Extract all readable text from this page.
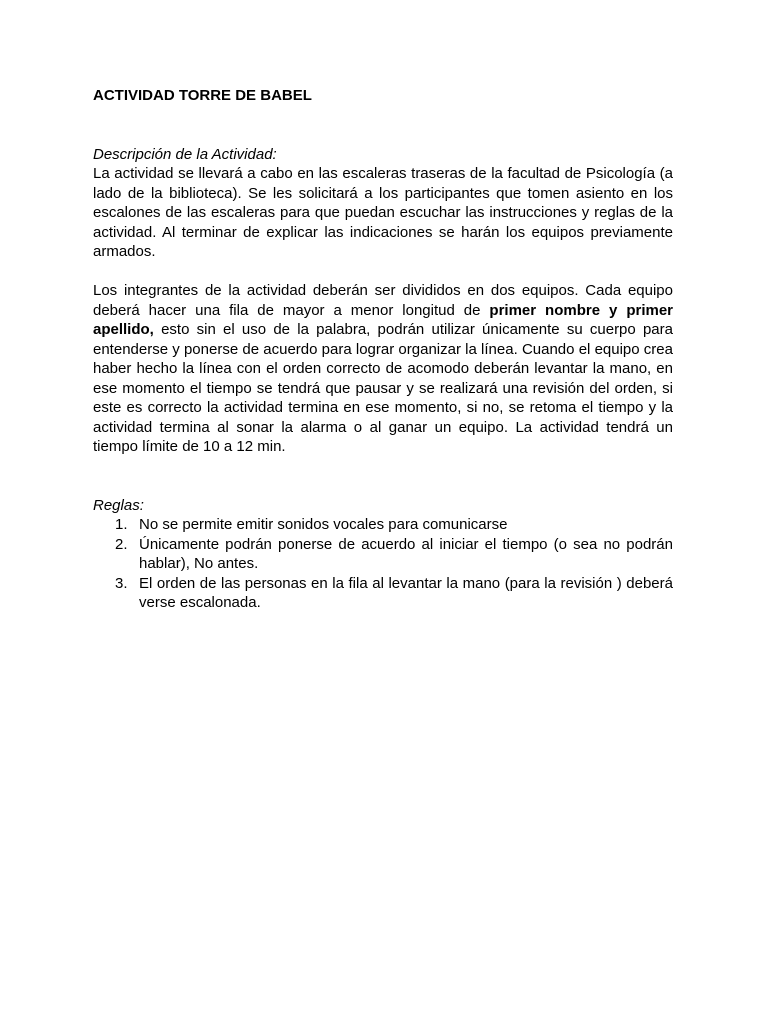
ACTIVIDAD TORRE DE BABEL

Descripción de la Actividad:

La actividad se llevará a cabo en las escaleras traseras de la facultad de Psicología (a lado de la biblioteca). Se les solicitará a los participantes que tomen asiento en los escalones de las escaleras para que puedan escuchar las instrucciones y reglas de la actividad. Al terminar de explicar las indicaciones se harán los equipos previamente armados.

Los integrantes de la actividad deberán ser divididos en dos equipos. Cada equipo deberá hacer una fila de mayor a menor longitud de primer nombre y primer apellido, esto sin el uso de la palabra, podrán utilizar únicamente su cuerpo para entenderse y ponerse de acuerdo para lograr organizar la línea. Cuando el equipo crea haber hecho la línea con el orden correcto de acomodo deberán levantar la mano, en ese momento el tiempo se tendrá que pausar y se realizará una revisión del orden, si este es correcto la actividad termina en ese momento, si no, se retoma el tiempo y la actividad termina al sonar la alarma o al ganar un equipo. La actividad tendrá un tiempo límite de 10 a 12 min.

Reglas:

1. No se permite emitir sonidos vocales para comunicarse
2. Únicamente podrán ponerse de acuerdo al iniciar el tiempo (o sea no podrán hablar), No antes.
3. El orden de las personas en la fila al levantar la mano (para la revisión ) deberá verse escalonada.
